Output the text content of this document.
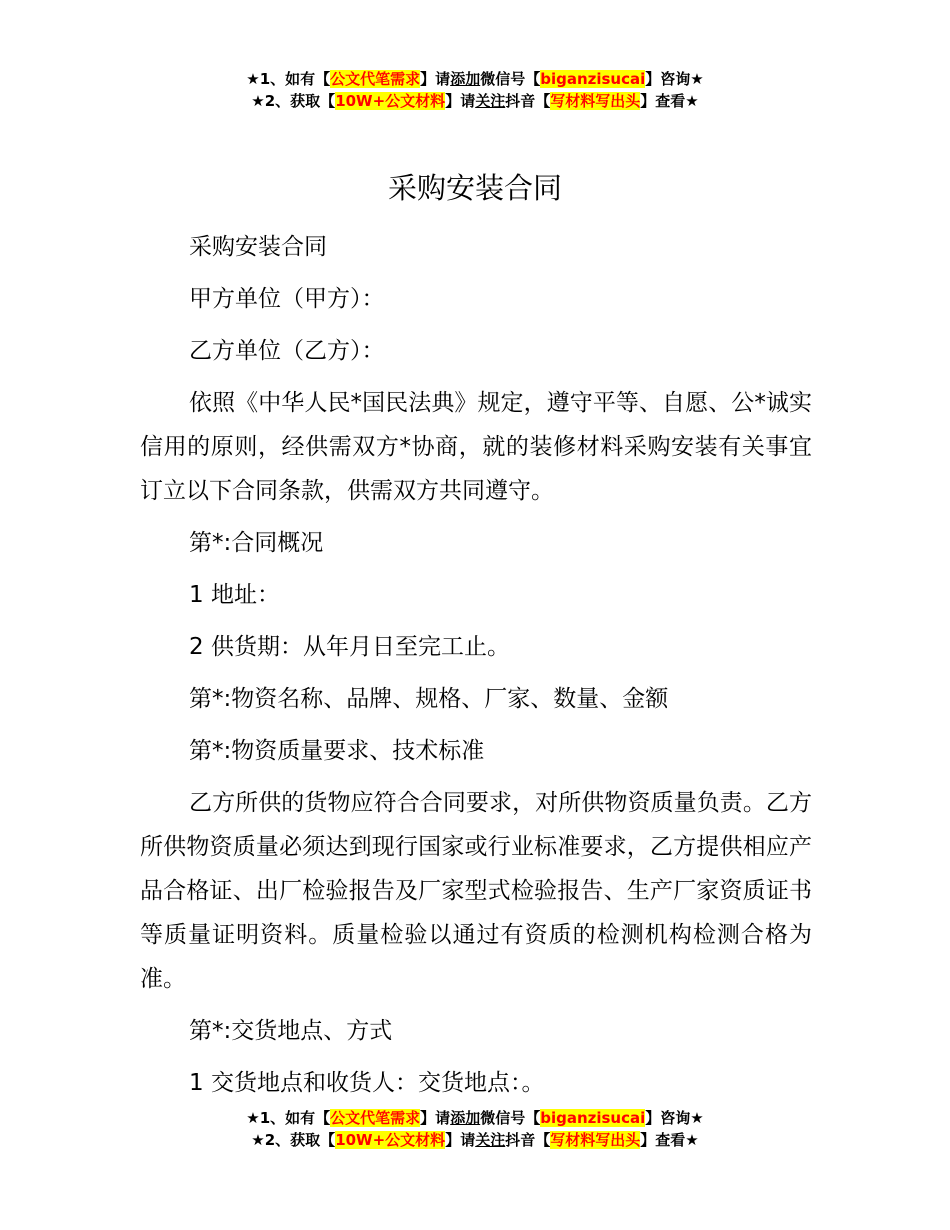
★1、如有【公文代笔需求】请添加微信号【biganzisucai】咨询★
★2、获取【10W+公文材料】请关注抖音【写材料写出头】查看★
采购安装合同

采购安装合同

甲方单位（甲方）：

乙方单位（乙方）：

依照《中华人民*国民法典》规定，遵守平等、自愿、公*诚实信用的原则，经供需双方*协商，就的装修材料采购安装有关事宜订立以下合同条款，供需双方共同遵守。

第*:合同概况

1 地址：

2 供货期：从年月日至完工止。

第*:物资名称、品牌、规格、厂家、数量、金额

第*:物资质量要求、技术标准

乙方所供的货物应符合合同要求，对所供物资质量负责。乙方所供物资质量必须达到现行国家或行业标准要求，乙方提供相应产品合格证、出厂检验报告及厂家型式检验报告、生产厂家资质证书等质量证明资料。质量检验以通过有资质的检测机构检测合格为准。

第*:交货地点、方式

1 交货地点和收货人：交货地点：。

★1、如有【公文代笔需求】请添加微信号【biganzisucai】咨询★
★2、获取【10W+公文材料】请关注抖音【写材料写出头】查看★
